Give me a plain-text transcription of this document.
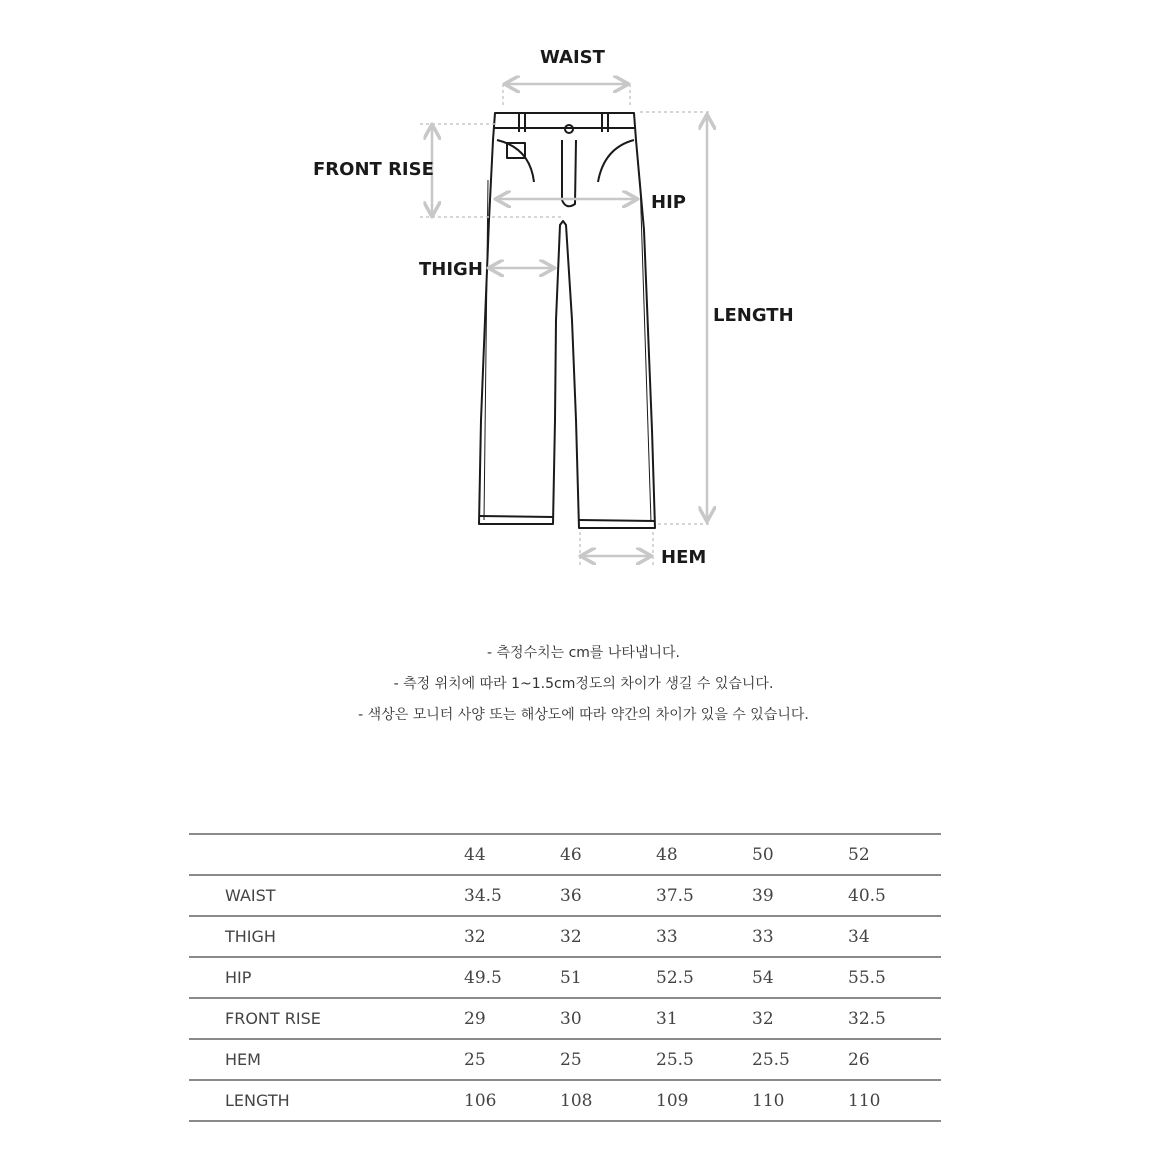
WAIST
FRONT RISE
HIP
THIGH
LENGTH
HEM
- 측정수치는 cm를 나타냅니다.
- 측정 위치에 따라 1~1.5cm정도의 차이가 생길 수 있습니다.
- 색상은 모니터 사양 또는 해상도에 따라 약간의 차이가 있을 수 있습니다.
	44	46	48	50	52
WAIST	34.5	36	37.5	39	40.5
THIGH	32	32	33	33	34
HIP	49.5	51	52.5	54	55.5
FRONT RISE	29	30	31	32	32.5
HEM	25	25	25.5	25.5	26
LENGTH	106	108	109	110	110
